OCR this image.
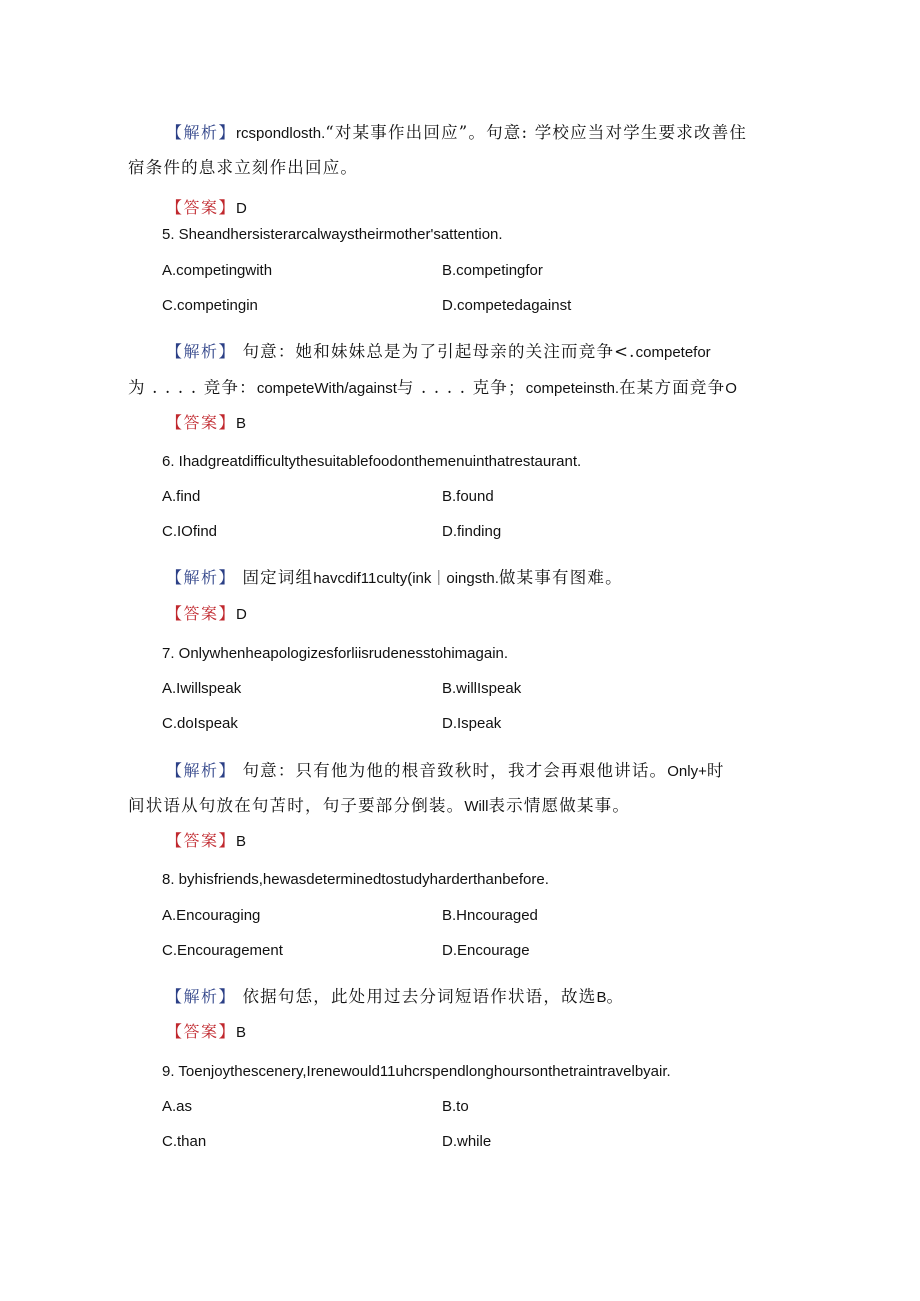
【解析】rcspondlosth.“对某事作出回应”。句意: 学校应当对学生要求改善住
宿条件的息求立刻作出回应。
【答案】D
5. Sheandhersisterarcalwaystheirmother'sattention.
A.competingwith	B.competingfor
C.competingin	D.competedagainst
【解析】 句意：她和妹妹总是为了引起母亲的关注而竞争<.competefor
为 . . . . 竞争：competeWith/against与 . . . . 克争；competeinsth.在某方面竞争O
【答案】B
6. Ihadgreatdifficultythesuitablefoodonthemenuinthatrestaurant.
A.find	B.found
C.IOfind	D.finding
【解析】 固定词组havcdif11culty(ink｜oingsth.做某事有图难。
【答案】D
7. Onlywhenheapologizesforliisrudenesstohimagain.
A.Iwillspeak	B.willIspeak
C.doIspeak	D.Ispeak
【解析】 句意：只有他为他的根音致秋时，我才会再艰他讲话。Only+时
间状语从句放在句苫时，句子要部分倒装。Will表示情愿做某事。
【答案】B
8. byhisfriends,hewasdeterminedtostudyharderthanbefore.
A.Encouraging	B.Hncouraged
C.Encouragement	D.Encourage
【解析】 依据句恁，此处用过去分词短语作状语，故选B。
【答案】B
9. Toenjoythescenery,Irenewould11uhcrspendlonghoursonthetraintravelbyair.
A.as	B.to
C.than	D.while
